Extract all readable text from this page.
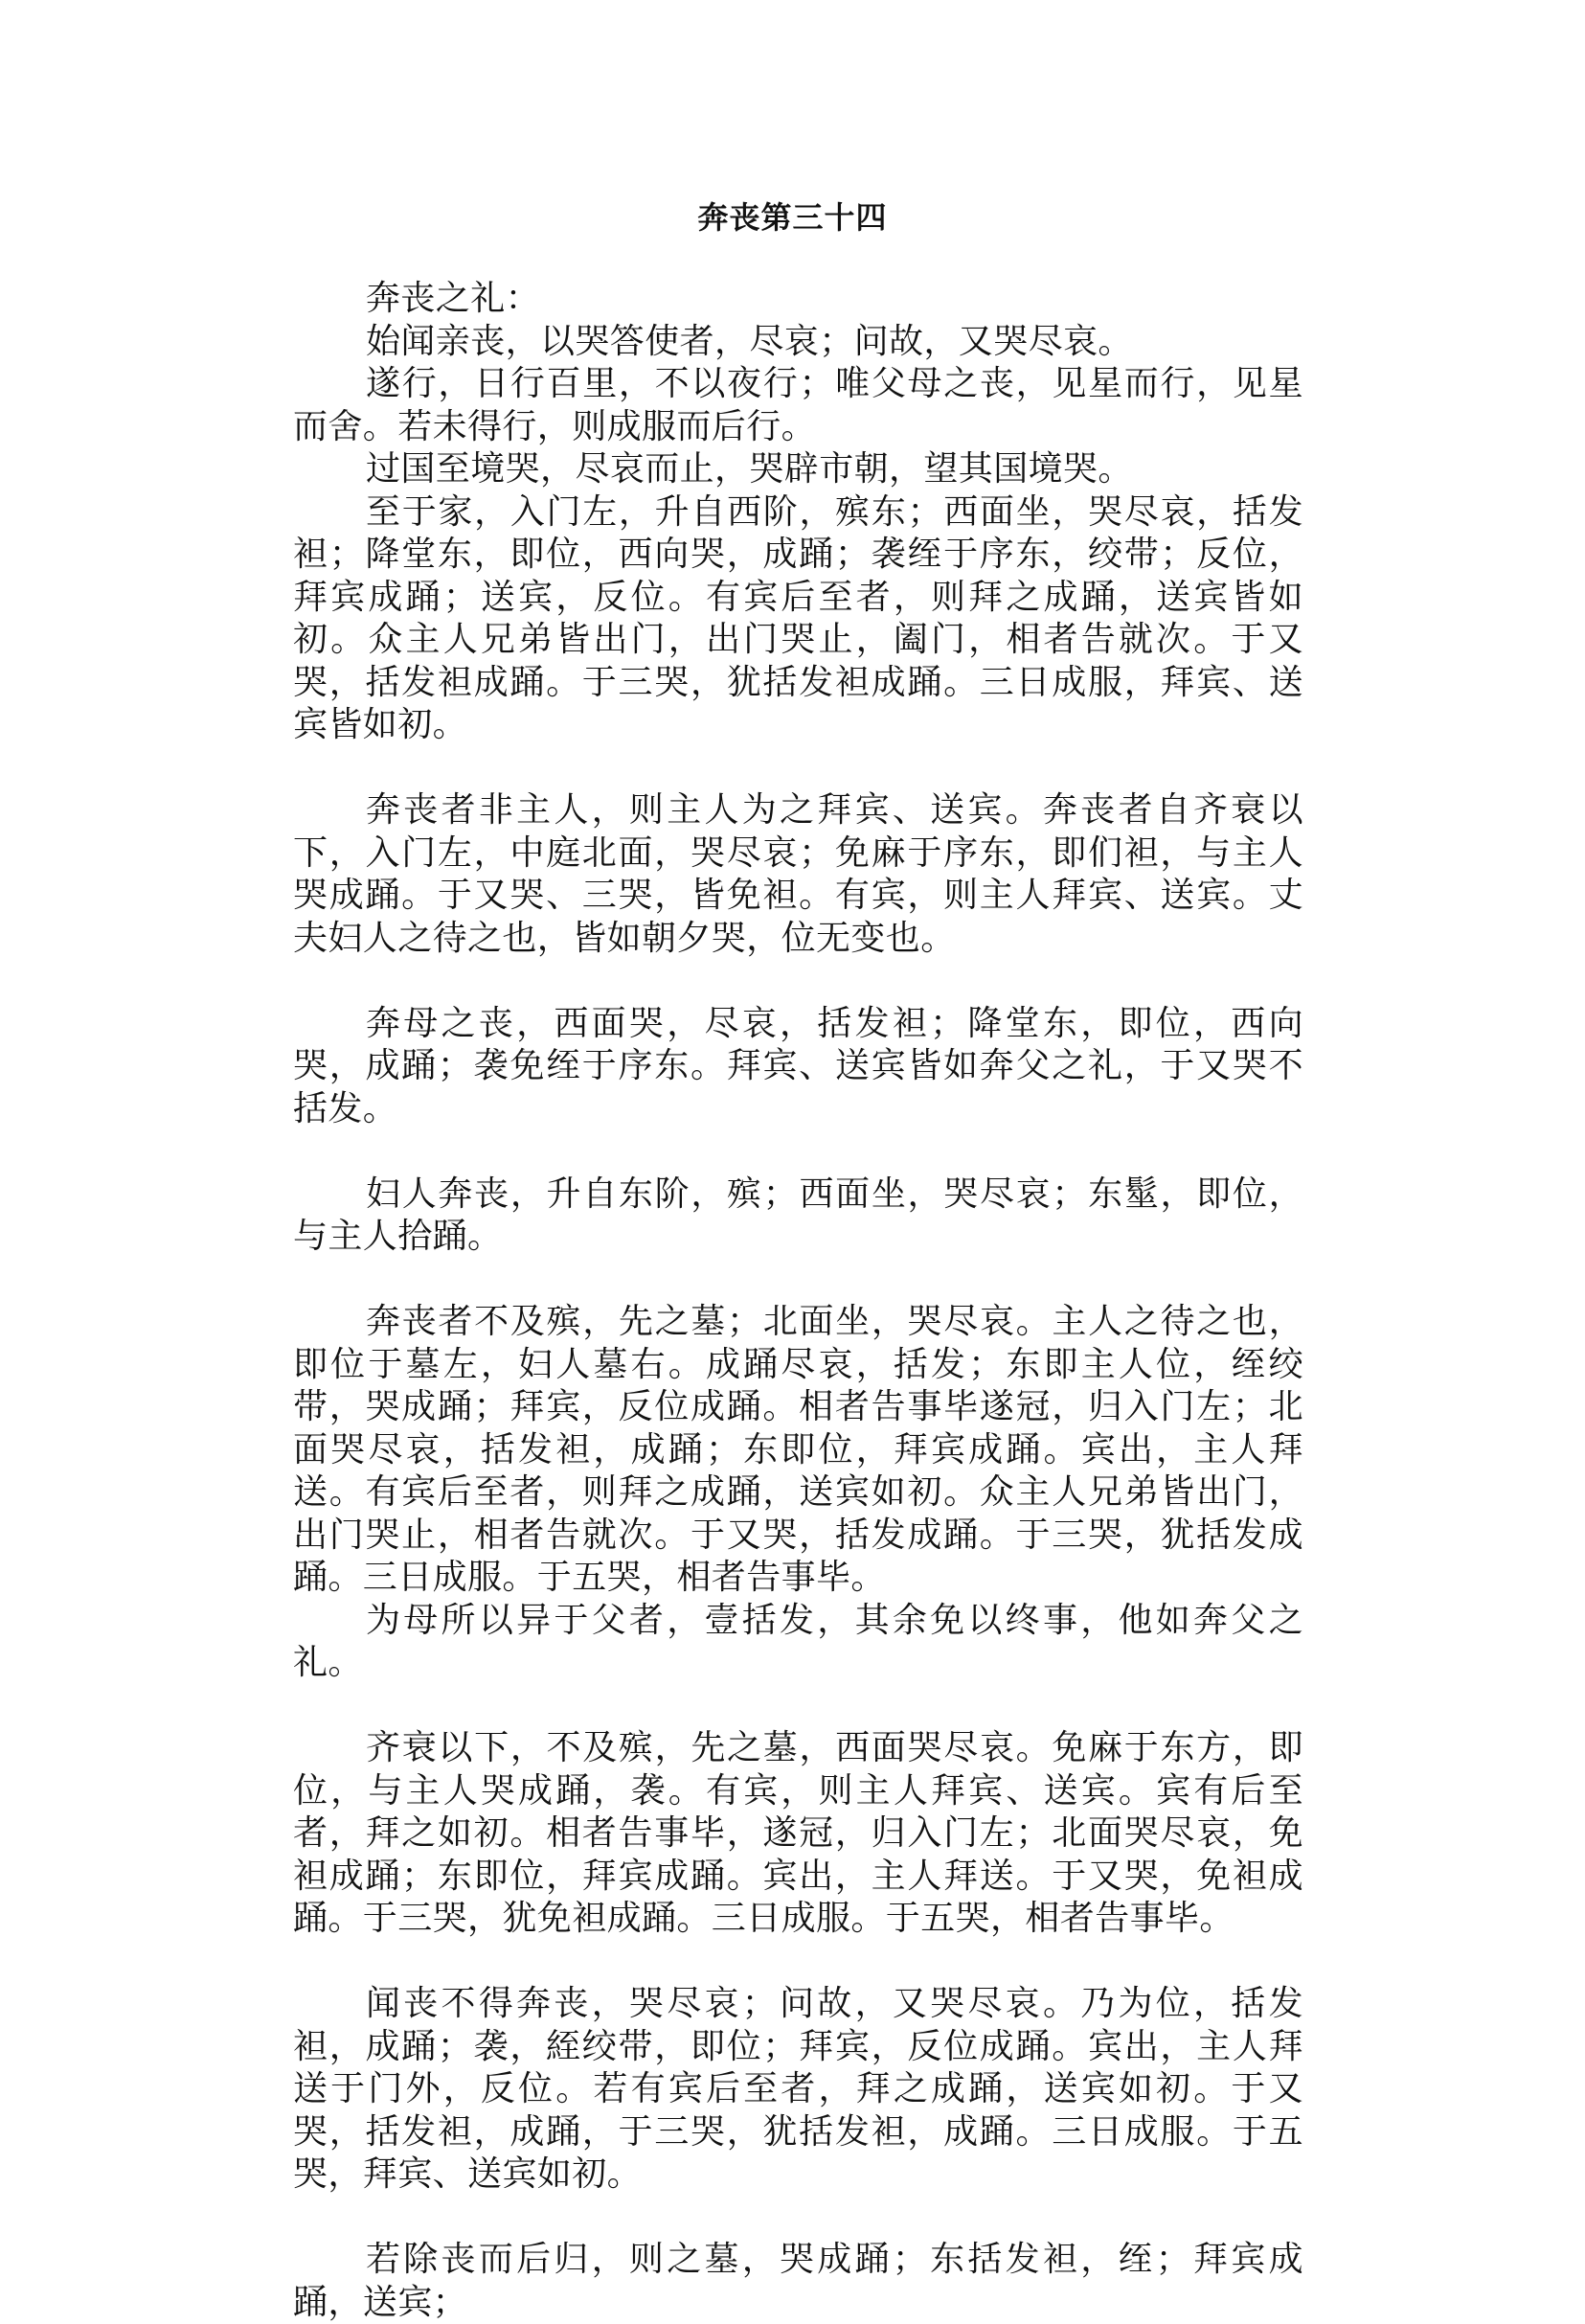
奔丧第三十四

奔丧之礼：

始闻亲丧，以哭答使者，尽哀；问故，又哭尽哀。

遂行，日行百里，不以夜行；唯父母之丧，见星而行，见星而舍。若未得行，则成服而后行。

过国至境哭，尽哀而止，哭辟市朝，望其国境哭。

至于家，入门左，升自西阶，殡东；西面坐，哭尽哀，括发袒；降堂东，即位，西向哭，成踊；袭绖于序东，绞带；反位，拜宾成踊；送宾，反位。有宾后至者，则拜之成踊，送宾皆如初。众主人兄弟皆出门，出门哭止，阖门，相者告就次。于又哭，括发袒成踊。于三哭，犹括发袒成踊。三日成服，拜宾、送宾皆如初。

奔丧者非主人，则主人为之拜宾、送宾。奔丧者自齐衰以下，入门左，中庭北面，哭尽哀；免麻于序东，即们袒，与主人哭成踊。于又哭、三哭，皆免袒。有宾，则主人拜宾、送宾。丈夫妇人之待之也，皆如朝夕哭，位无变也。

奔母之丧，西面哭，尽哀，括发袒；降堂东，即位，西向哭，成踊；袭免绖于序东。拜宾、送宾皆如奔父之礼，于又哭不括发。

妇人奔丧，升自东阶，殡；西面坐，哭尽哀；东髽，即位，与主人拾踊。

奔丧者不及殡，先之墓；北面坐，哭尽哀。主人之待之也，即位于墓左，妇人墓右。成踊尽哀，括发；东即主人位，绖绞带，哭成踊；拜宾，反位成踊。相者告事毕遂冠，归入门左；北面哭尽哀，括发袒，成踊；东即位，拜宾成踊。宾出，主人拜送。有宾后至者，则拜之成踊，送宾如初。众主人兄弟皆出门，出门哭止，相者告就次。于又哭，括发成踊。于三哭，犹括发成踊。三日成服。于五哭，相者告事毕。

为母所以异于父者，壹括发，其余免以终事，他如奔父之礼。

齐衰以下，不及殡，先之墓，西面哭尽哀。免麻于东方，即位，与主人哭成踊，袭。有宾，则主人拜宾、送宾。宾有后至者，拜之如初。相者告事毕，遂冠，归入门左；北面哭尽哀，免袒成踊；东即位，拜宾成踊。宾出，主人拜送。于又哭，免袒成踊。于三哭，犹免袒成踊。三日成服。于五哭，相者告事毕。

闻丧不得奔丧，哭尽哀；问故，又哭尽哀。乃为位，括发袒，成踊；袭，絰绞带，即位；拜宾，反位成踊。宾出，主人拜送于门外，反位。若有宾后至者，拜之成踊，送宾如初。于又哭，括发袒，成踊，于三哭，犹括发袒，成踊。三日成服。于五哭，拜宾、送宾如初。

若除丧而后归，则之墓，哭成踊；东括发袒，绖；拜宾成踊，送宾；
